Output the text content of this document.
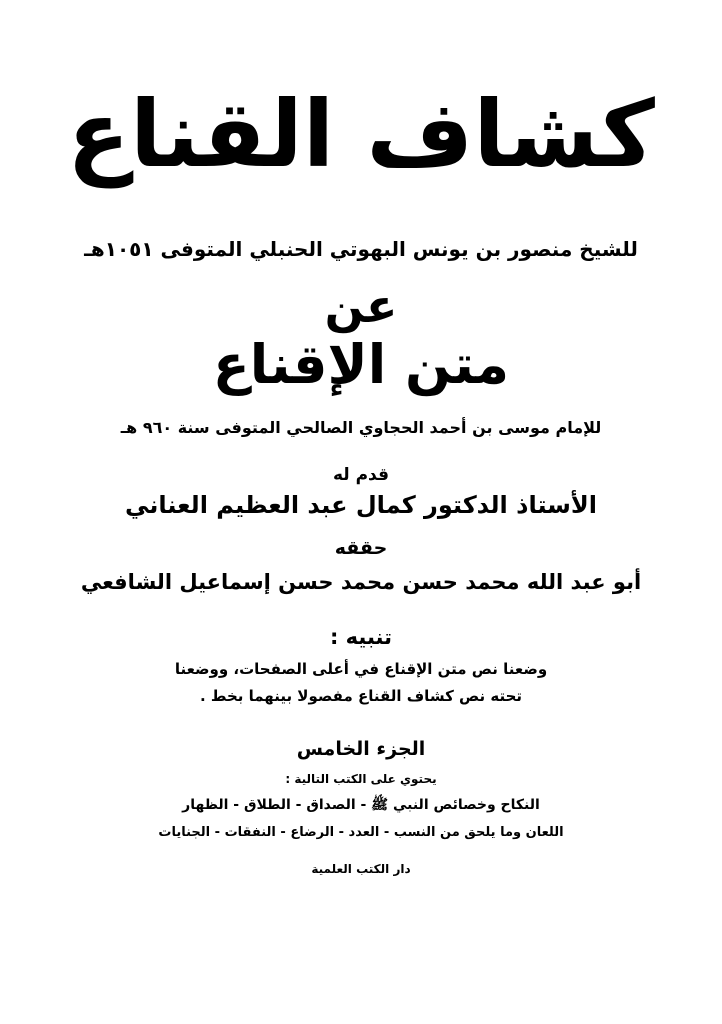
كشاف القناع
للشيخ منصور بن يونس البهوتي الحنبلي المتوفى ١٠٥١هـ
عن
متن الإقناع
للإمام موسى بن أحمد الحجاوي الصالحي المتوفى سنة ٩٦٠ هـ
قدم له
الأستاذ الدكتور كمال عبد العظيم العناني
حققه
أبو عبد الله محمد حسن محمد حسن إسماعيل الشافعي
تنبيه :
وضعنا نص متن الإقناع في أعلى الصفحات، ووضعنا
تحته نص كشاف القناع مفصولا بينهما بخط .
الجزء الخامس
يحتوي على الكتب التالية :
النكاح وخصائص النبي ﷺ - الصداق - الطلاق - الظهار
اللعان وما يلحق من النسب - العدد - الرضاع - النفقات - الجنايات
دار الكتب العلمية
